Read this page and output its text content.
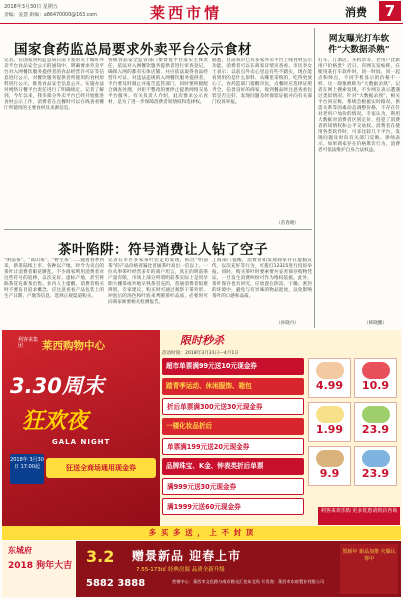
2018年3月30日 星期五
责编：姜慧 街编：a86470000@163.com	莱西市情	消费	7
国家食药监总局要求外卖平台公示食材
记者。在国家食药监总局日前下发的关于做好外卖平台食品安全公示的通知中，明确要求外卖平台对入网餐饮服务提供者的食品经营许可证等信息进行公示，对餐饮服务提供者所使用的食材原料进行公示，推进食品安全信息公开。实施办法对网络订餐平台责任进行了明确规定。记者了解到，今年以来，我市部分外卖平台已经开始推进食材公示工作，消费者在点餐时可以在线查看餐厅所使用的主要食材及来源信息。
各级食品安全监管部门要督促平台落实主体责任，依法对入网餐饮服务提供者进行审查登记，确保入网的都有实体店铺，并应依法取得食品经营许可证。对违法违规的入网餐饮服务提供者，平台要及时制止并报告监管部门，同时要积极配合调查处理，对拒不整改的要停止提供网络交易平台服务。有关负责人介绍，此次要求公示食材，是为了进一步保障消费者知情权和选择权。
据悉，目前我市已有多家外卖平台上线食材公示功能，消费者可以在商家详情页查看。市民李女士表示：以前点外卖心里总有些不踏实，现在能看到用的是什么原料、从哪里采购的，吃得更放心了。食药监部门提醒市民，点餐时应选择证照齐全、信誉良好的商家，收到餐品时注意查看包装是否完好，发现问题及时保留证据并向有关部门投诉举报。
（苗春晓）
茶叶陷阱：符号消费让人钻了空子
“明前茶”、“高山茶”、“野生茶”……随着春季到来，新茶陆续上市，各种以产地、时令为卖点的茶叶让消费者眼花缭乱。不少商家利用消费者对这些符号的追捧，以次充好、虚标产地，甚至将陈茶冒充新茶出售。业内人士提醒，消费者购买时不要盲目追求概念，应注意查看产品包装上的生产日期、产地等信息，选择正规渠道购买。
记者在市区多家茶叶店走访发现，标注“明前茶”的产品价格普遍比普通茶叶高出一倍以上。一位从事茶叶经营多年的商户坦言，真正的明前茶产量有限，市场上部分所谓明前茶实际上是用早期大棚茶或外地早熟茶冒充的，普通消费者很难辨别。专家建议，购买时可通过观察干茶外形、冲泡后的汤色和叶底来判断茶叶品质，必要时可向商家索要相关检测报告。
工商部门提醒，消费者如发现商家存在虚假宣传、以次充好等行为，可拨打12315进行投诉举报。同时，购买茶叶时要索要并妥善保存购物凭证，一旦发生消费纠纷可作为维权依据。此外，茶叶保存也有讲究，应放置在阴凉、干燥、密封的环境中，避免与有异味的物品混放，以免影响茶叶的口感和品质。
（孙晓丹）
网友曝光打车软件“大数据杀熟”
打车、订酒店、买机票等，老用户比新用户价格贵？近日，有网友发帖称，在使用某打车软件时，同一时间、同一起点和终点，不同手机显示的价格不一样，这一现象被称为“大数据杀熟”。记者在网上搜索发现，不少网友表示遭遇过类似情况。针对“大数据杀熟”，相关平台回应称，系统会根据实时路况、供需关系等因素动态调整价格，不存在针对老用户加价的情况。专家认为，利用大数据对消费者区别定价，侵犯了消费者的知情权和公平交易权。消费者在使用各类软件时，可多比较几个平台，发现问题及时向有关部门反映。律师表示，如果商家存在价格欺诈行为，消费者可依法维护自身合法权益。
（韩晓鹏）
利客来集团	莱西购物中心
3.30周末
狂欢夜
GALA NIGHT
2018年 3月30日 17:00起	狂送全商场通用现金券
超市单票满99元送10元现金券
踏青季运动、休闲服饰、箱包
折后单票满300元送30元现金券
一楼化妆品折后
单票满199元送20元现金券
品牌珠宝、K金、钟表类折后单票
满999元送30元现金券
满1999元送60元现金券
4.99	10.9
1.99	23.9
9.9	23.9
限时秒杀
活动时间：2018年3月31日—4月1日
利客来欢乐购 更多优惠请到店咨询
多 买 多 送 ， 上 不 封 顶
东城府
2018 狗年大吉 3.2 赠景新品 迎春上市
7.55-173㎡ 经典房源 品质全新升级
5882 3888	营销中心：莱西市文化路与南京路交汇处东北角 开发商：莱西市东府置业有限公司
贺新年 新品加推 火爆认筹中
